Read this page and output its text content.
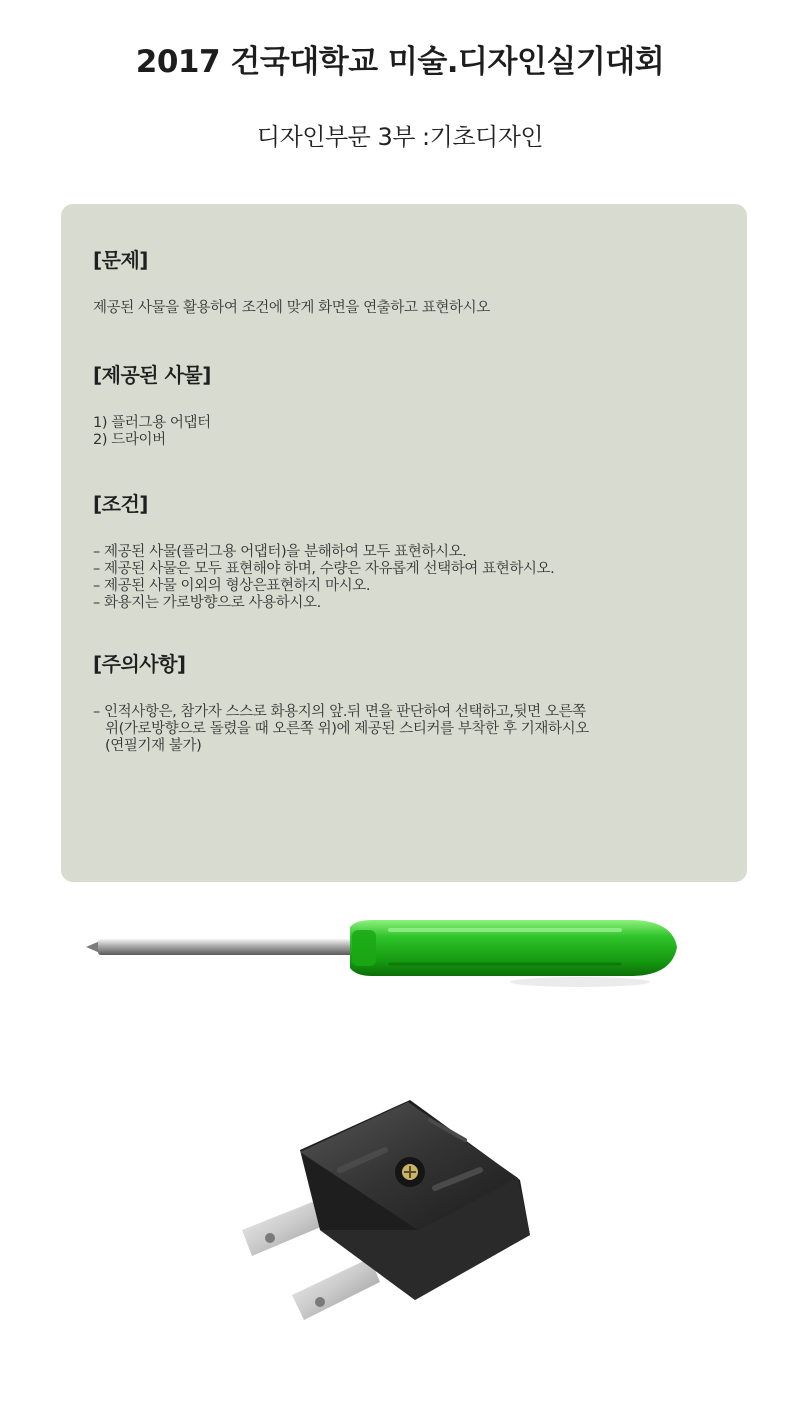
2017 건국대학교 미술.디자인실기대회
디자인부문 3부 :기초디자인

[문제]

제공된 사물을 활용하여 조건에 맞게 화면을 연출하고 표현하시오

[제공된 사물]

1) 플러그용 어댑터
2) 드라이버

[조건]

– 제공된 사물(플러그용 어댑터)을 분해하여 모두 표현하시오.
– 제공된 사물은 모두 표현해야 하며, 수량은 자유롭게 선택하여 표현하시오.
– 제공된 사물 이외의 형상은표현하지 마시오.
– 화용지는 가로방향으로 사용하시오.

[주의사항]

– 인적사항은, 참가자 스스로 화용지의 앞.뒤 면을 판단하여 선택하고,뒷면 오른쪽
위(가로방향으로 돌렸을 때 오른쪽 위)에 제공된 스티커를 부착한 후 기재하시오
(연필기재 불가)
